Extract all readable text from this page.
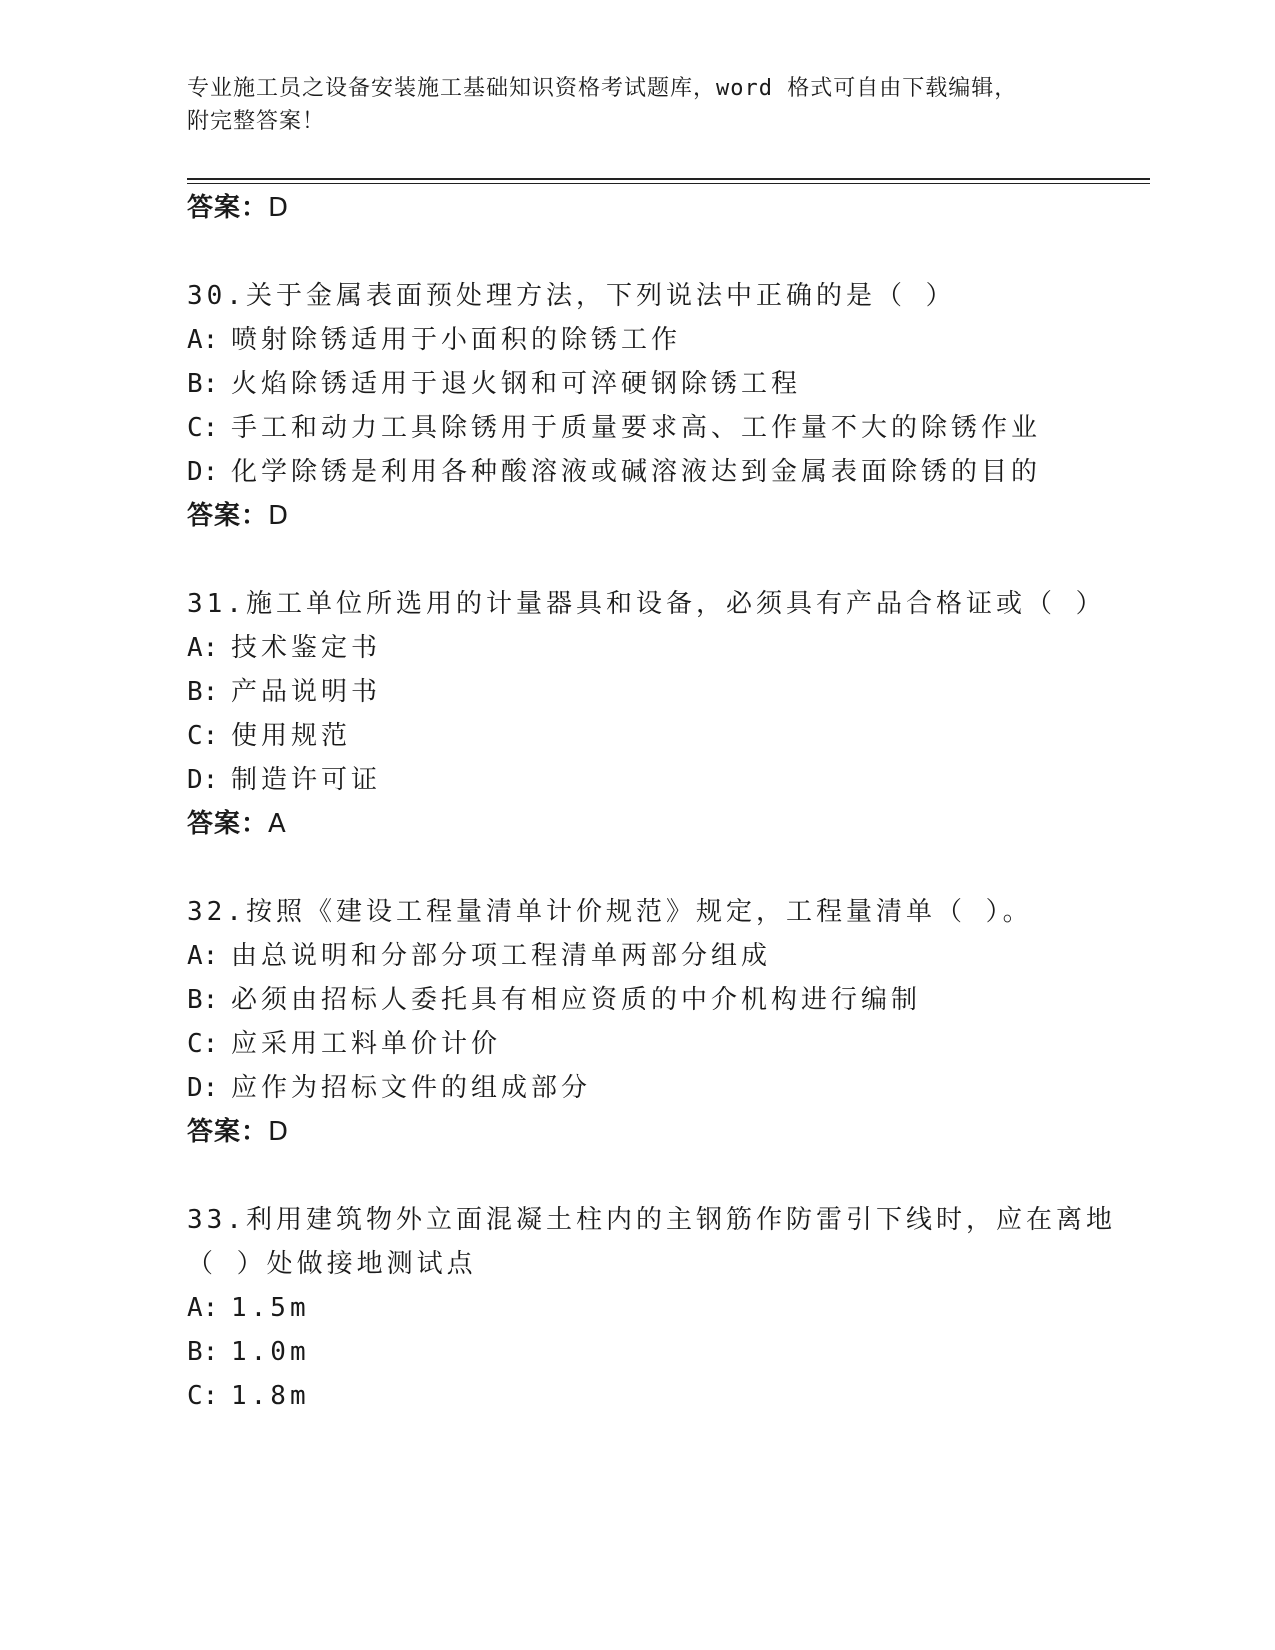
专业施工员之设备安装施工基础知识资格考试题库，word 格式可自由下载编辑，
附完整答案！
答案：D
30.关于金属表面预处理方法，下列说法中正确的是（ ）
A: 喷射除锈适用于小面积的除锈工作
B: 火焰除锈适用于退火钢和可淬硬钢除锈工程
C: 手工和动力工具除锈用于质量要求高、工作量不大的除锈作业
D: 化学除锈是利用各种酸溶液或碱溶液达到金属表面除锈的目的
答案：D
31.施工单位所选用的计量器具和设备，必须具有产品合格证或（ ）
A: 技术鉴定书
B: 产品说明书
C: 使用规范
D: 制造许可证
答案：A
32.按照《建设工程量清单计价规范》规定，工程量清单（ ）。
A: 由总说明和分部分项工程清单两部分组成
B: 必须由招标人委托具有相应资质的中介机构进行编制
C: 应采用工料单价计价
D: 应作为招标文件的组成部分
答案：D
33.利用建筑物外立面混凝土柱内的主钢筋作防雷引下线时，应在离地
（ ）处做接地测试点
A: 1.5m
B: 1.0m
C: 1.8m
